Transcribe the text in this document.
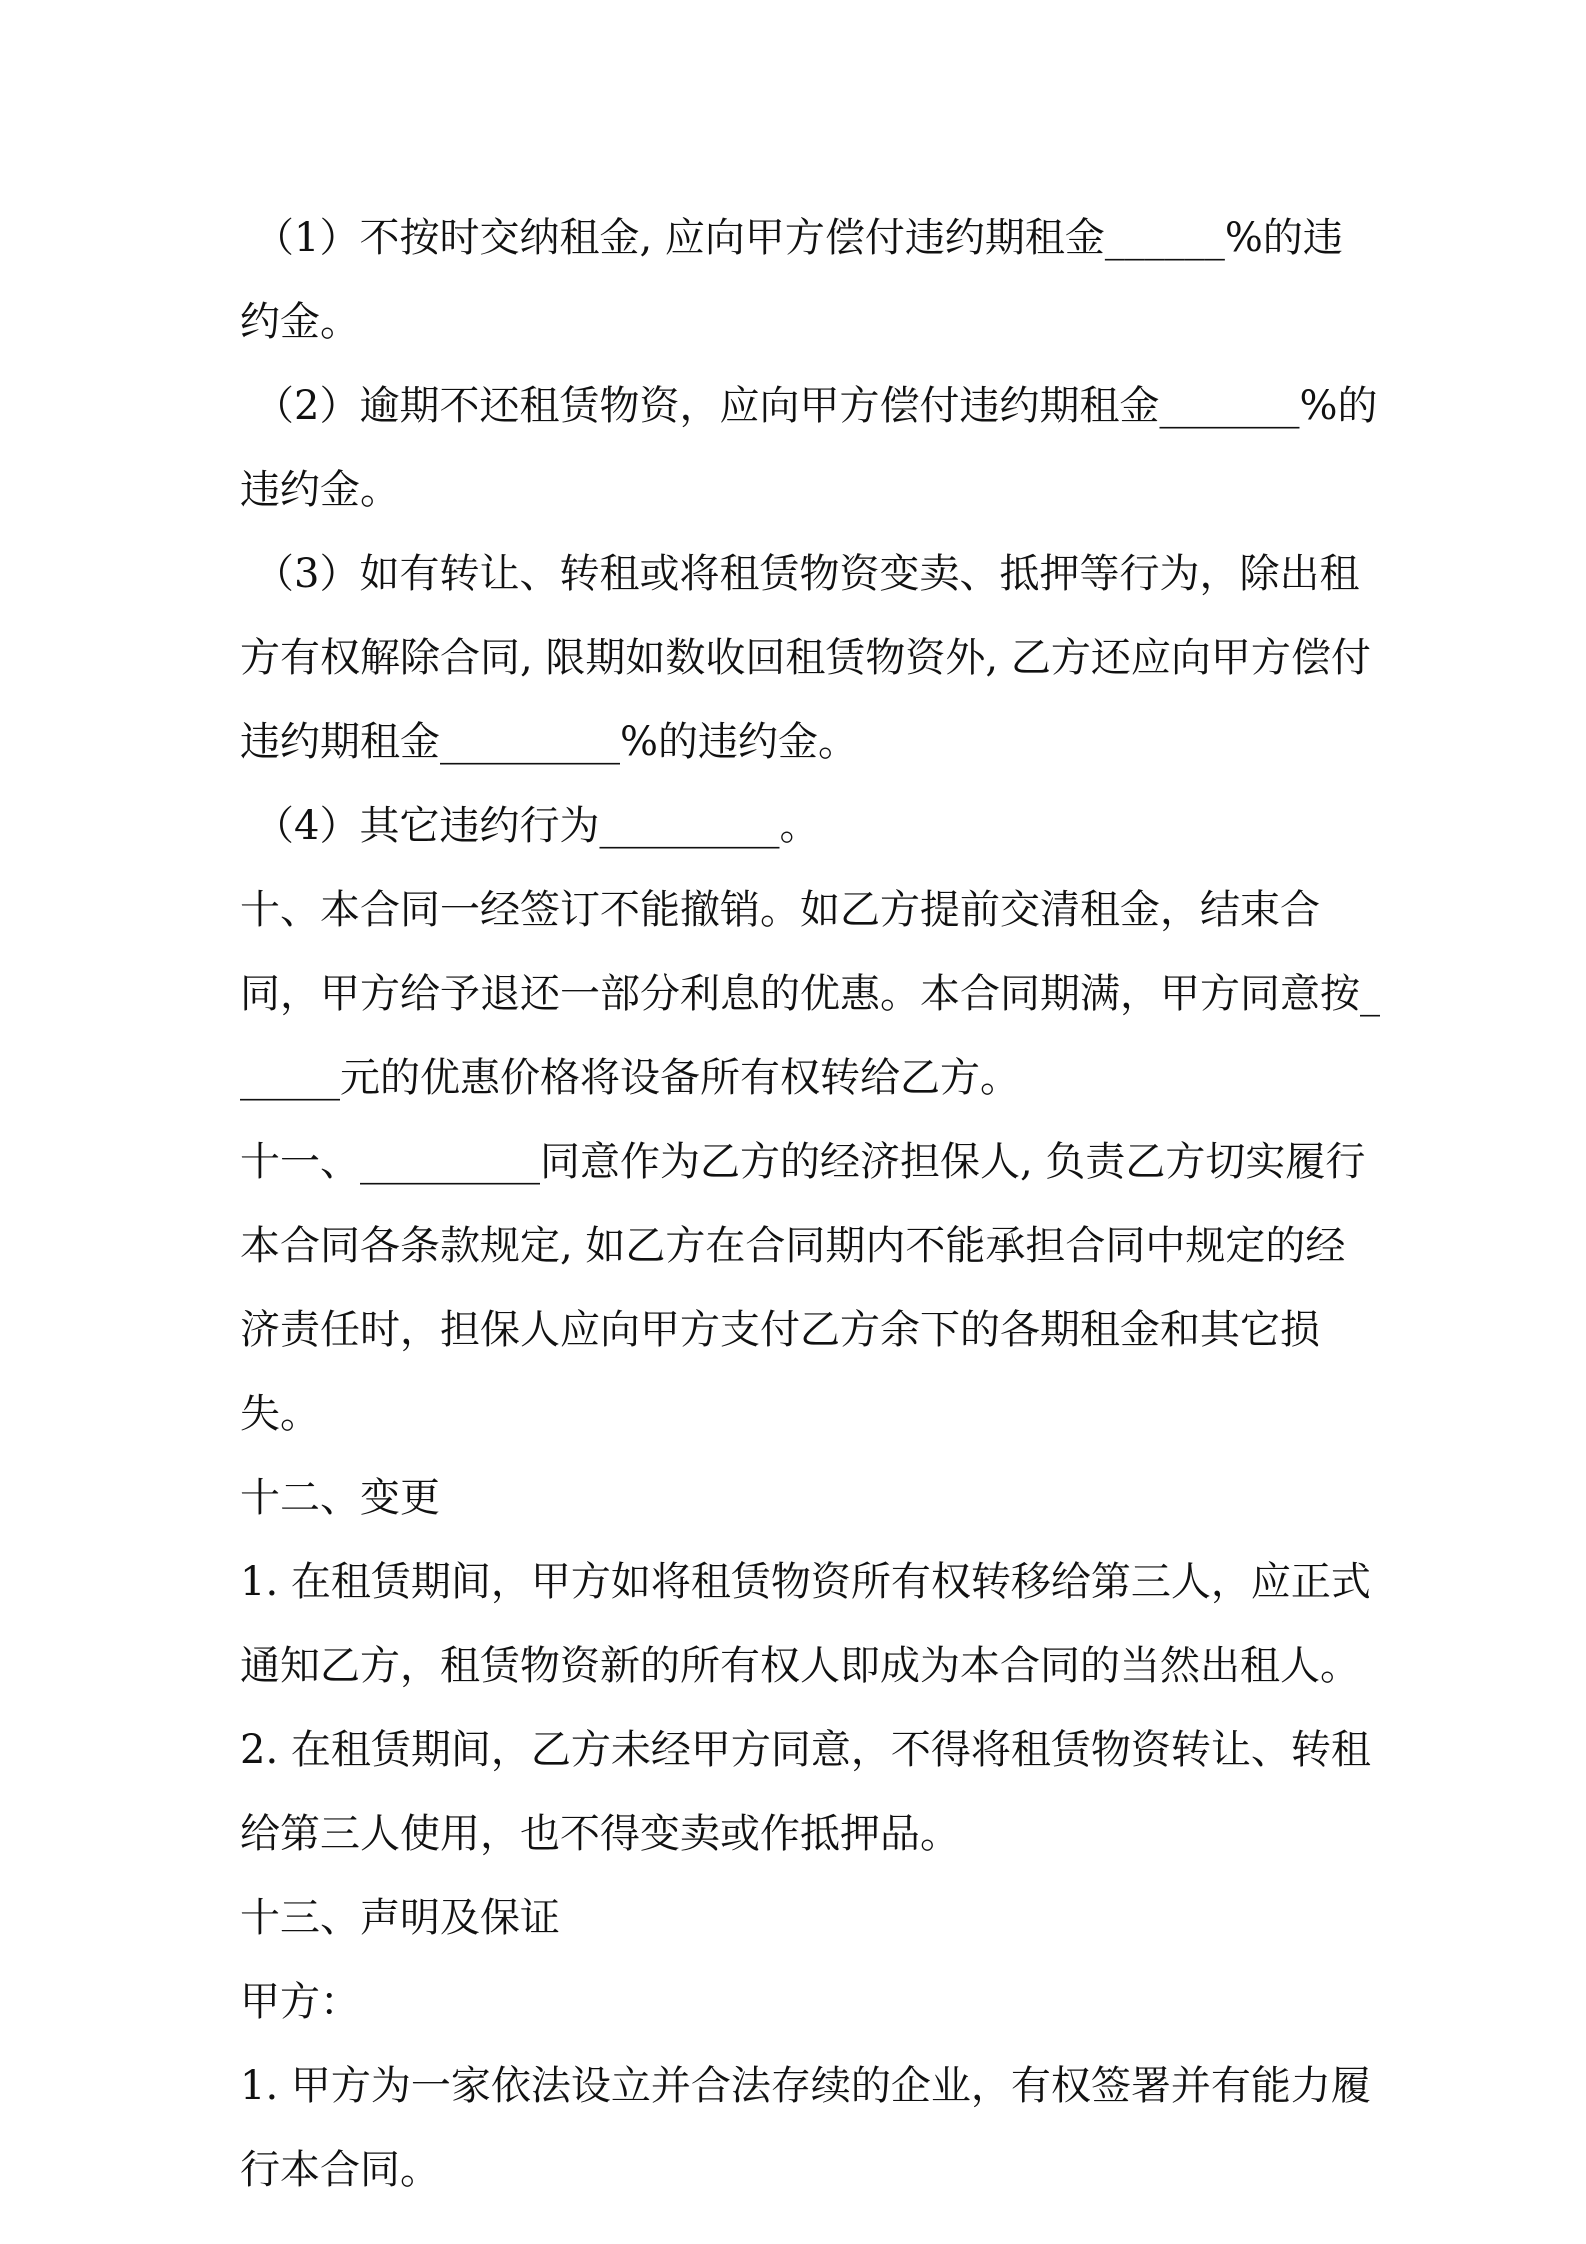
（1）不按时交纳租金, 应向甲方偿付违约期租金______%的违约金。

（2）逾期不还租赁物资，应向甲方偿付违约期租金_______%的违约金。

（3）如有转让、转租或将租赁物资变卖、抵押等行为，除出租方有权解除合同, 限期如数收回租赁物资外, 乙方还应向甲方偿付违约期租金_________%的违约金。

（4）其它违约行为_________。

十、本合同一经签订不能撤销。如乙方提前交清租金，结束合同，甲方给予退还一部分利息的优惠。本合同期满，甲方同意按______元的优惠价格将设备所有权转给乙方。

十一、_________同意作为乙方的经济担保人, 负责乙方切实履行本合同各条款规定, 如乙方在合同期内不能承担合同中规定的经济责任时，担保人应向甲方支付乙方余下的各期租金和其它损失。

十二、变更

1. 在租赁期间，甲方如将租赁物资所有权转移给第三人，应正式通知乙方，租赁物资新的所有权人即成为本合同的当然出租人。

2. 在租赁期间，乙方未经甲方同意，不得将租赁物资转让、转租给第三人使用，也不得变卖或作抵押品。

十三、声明及保证

甲方：

1. 甲方为一家依法设立并合法存续的企业，有权签署并有能力履行本合同。
